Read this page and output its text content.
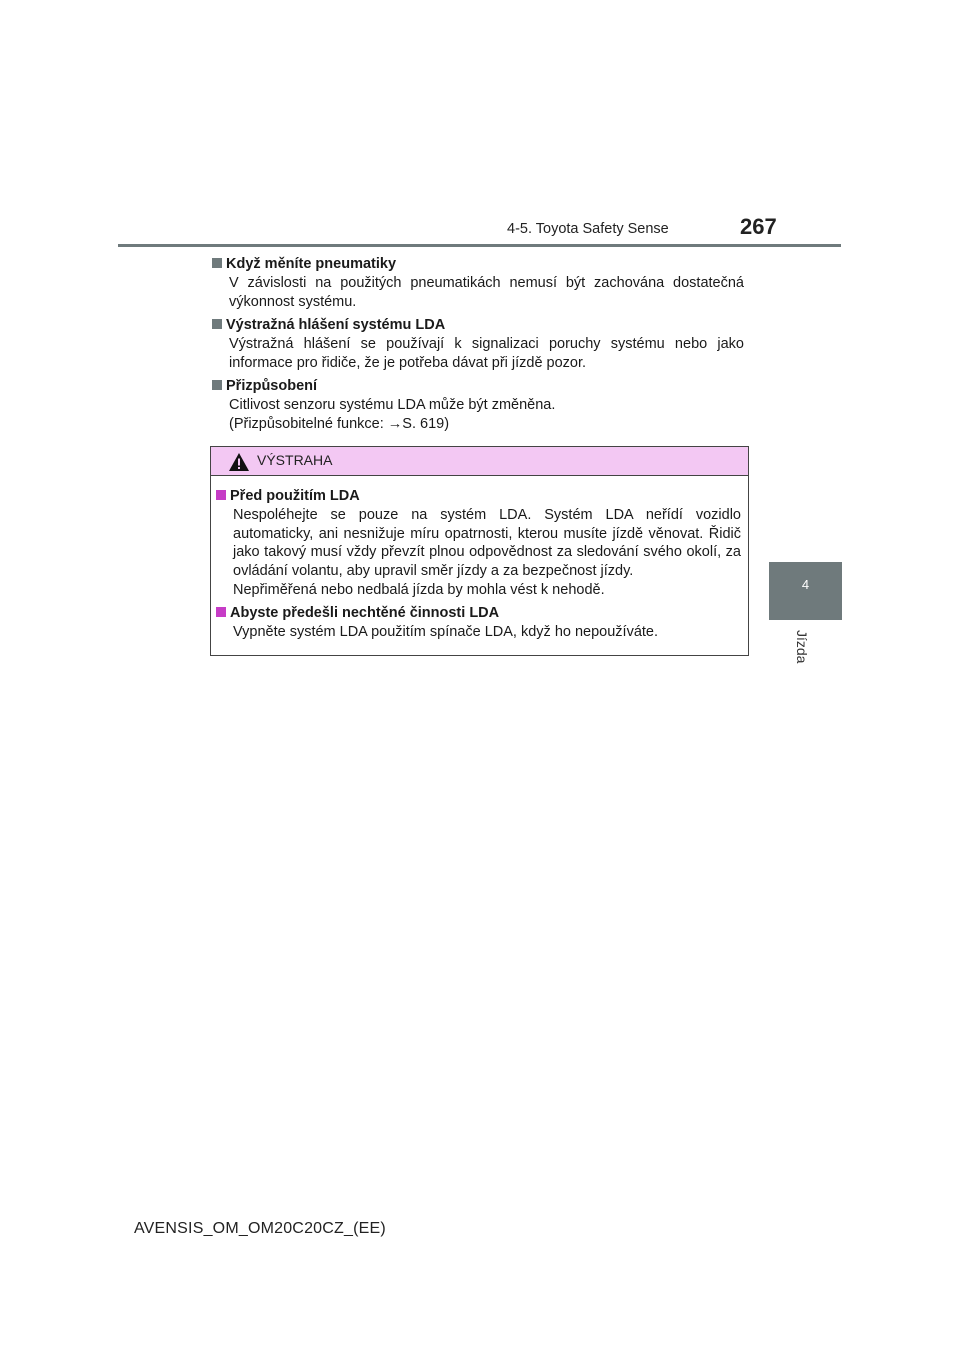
4-5. Toyota Safety Sense	267
4
Jízda
Když měníte pneumatiky
V závislosti na použitých pneumatikách nemusí být zachována dostatečná výkonnost systému.
Výstražná hlášení systému LDA
Výstražná hlášení se používají k signalizaci poruchy systému nebo jako informace pro řidiče, že je potřeba dávat při jízdě pozor.
Přizpůsobení
Citlivost senzoru systému LDA může být změněna.
(Přizpůsobitelné funkce: →S. 619)
VÝSTRAHA
Před použitím LDA
Nespoléhejte se pouze na systém LDA. Systém LDA neřídí vozidlo automaticky, ani nesnižuje míru opatrnosti, kterou musíte jízdě věnovat. Řidič jako takový musí vždy převzít plnou odpovědnost za sledování svého okolí, za ovládání volantu, aby upravil směr jízdy a za bezpečnost jízdy.
Nepřiměřená nebo nedbalá jízda by mohla vést k nehodě.
Abyste předešli nechtěné činnosti LDA
Vypněte systém LDA použitím spínače LDA, když ho nepoužíváte.
AVENSIS_OM_OM20C20CZ_(EE)
